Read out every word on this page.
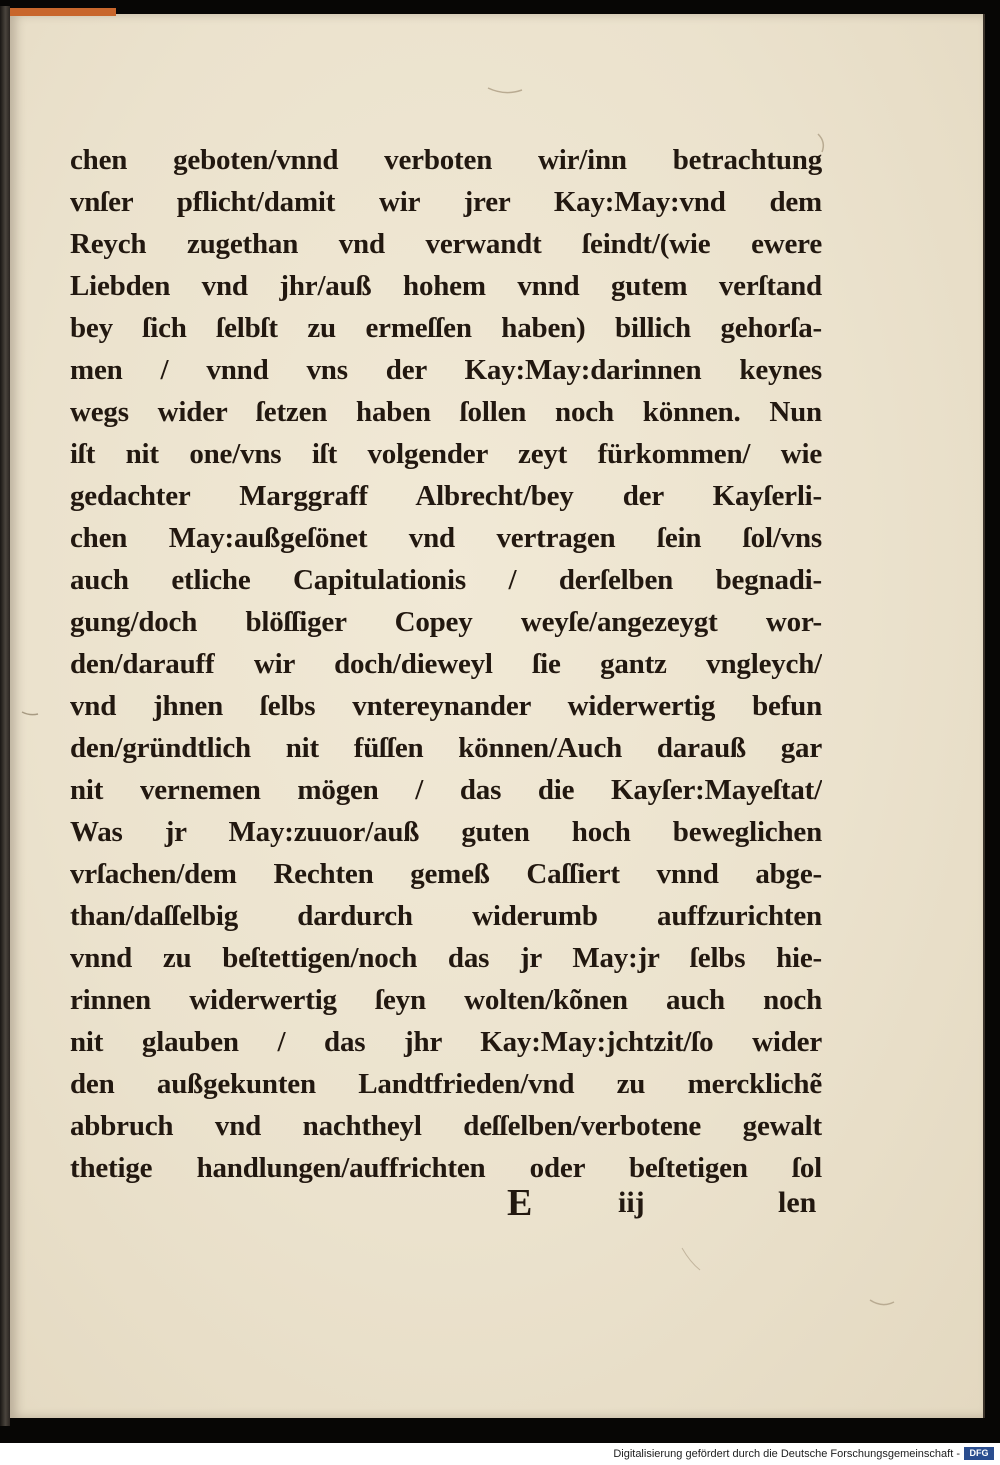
chen geboten/vnnd verboten wir/inn betrachtung
vnſer pflicht/damit wir jrer Kay:May:vnd dem
Reych zugethan vnd verwandt ſeindt/(wie ewere
Liebden vnd jhr/auß hohem vnnd gutem verſtand
bey ſich ſelbſt zu ermeſſen haben) billich gehorſa-
men / vnnd vns der Kay:May:darinnen keynes
wegs wider ſetzen haben ſollen noch können. Nun
iſt nit one/vns iſt volgender zeyt fürkommen/ wie
gedachter Marggraff Albrecht/bey der Kayſerli-
chen May:außgeſönet vnd vertragen ſein ſol/vns
auch etliche Capitulationis / derſelben begnadi-
gung/doch blöſſiger Copey weyſe/angezeygt wor-
den/darauff wir doch/dieweyl ſie gantz vngleych/
vnd jhnen ſelbs vntereynander widerwertig befun
den/gründtlich nit füſſen können/Auch darauß gar
nit vernemen mögen / das die Kayſer:Mayeſtat/
Was jr May:zuuor/auß guten hoch beweglichen
vrſachen/dem Rechten gemeß Caſſiert vnnd abge-
than/daſſelbig dardurch widerumb auffzurichten
vnnd zu beſtettigen/noch das jr May:jr ſelbs hie-
rinnen widerwertig ſeyn wolten/kõnen auch noch
nit glauben / das jhr Kay:May:jchtzit/ſo wider
den außgekunten Landtfrieden/vnd zu mercklichẽ
abbruch vnd nachtheyl deſſelben/verbotene gewalt
thetige handlungen/auffrichten oder beſtetigen ſol
E	iij	len
Digitalisierung gefördert durch die Deutsche Forschungsgemeinschaft -	DFG
